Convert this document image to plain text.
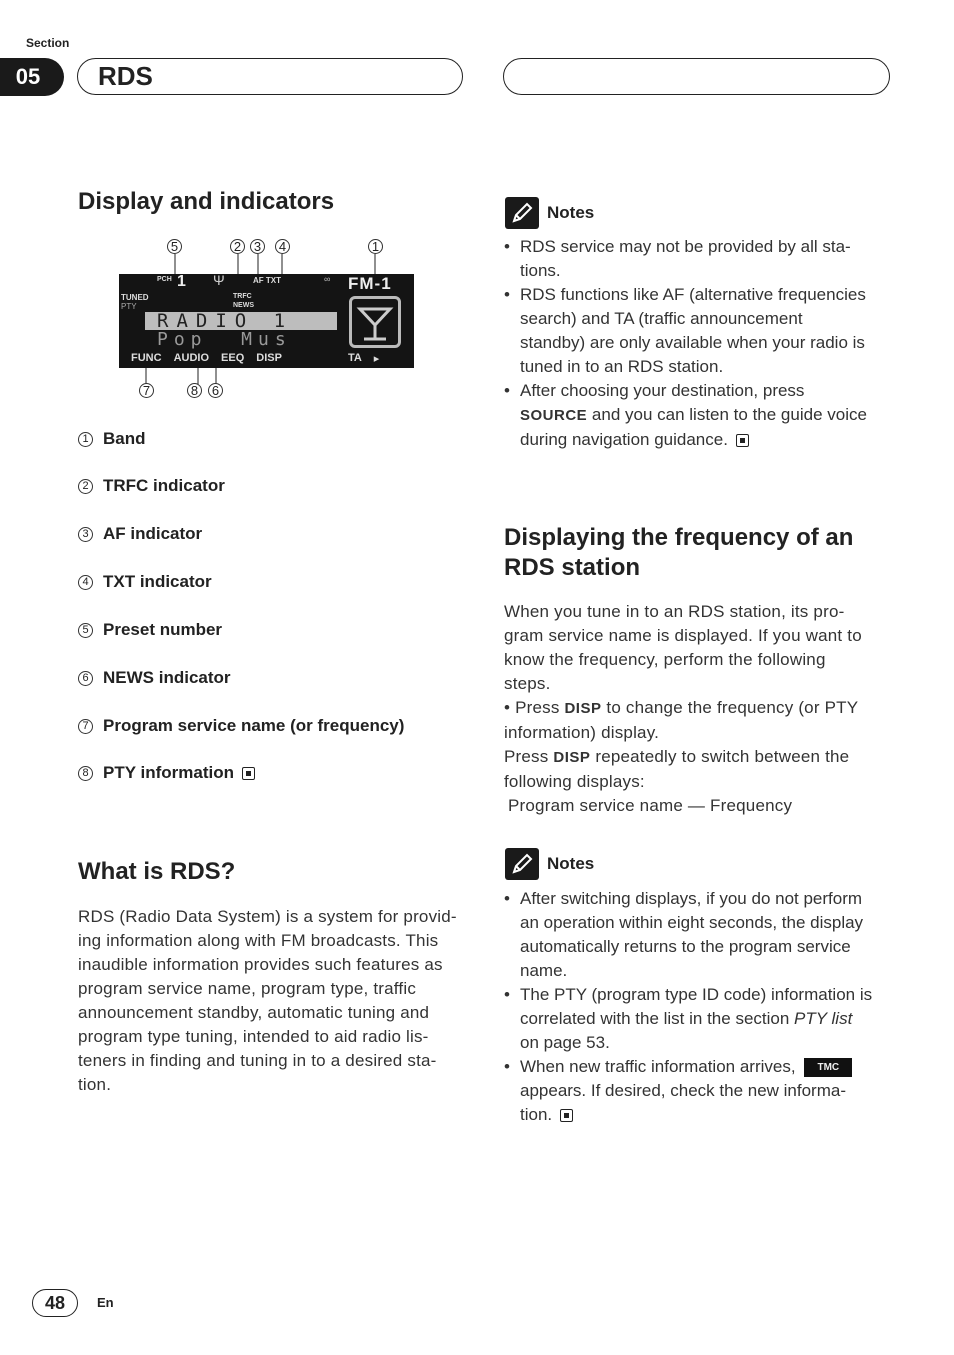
Section
05	RDS
Display and indicators
5	2 3 4	1
PCH 1 Ψ	AF TXT	∞ FM-1
TUNED
PTY
TRFC
NEWS
RADIO 1
Pop  Mus
FUNC AUDIO EEQ DISP	TA ▸
7	8 6
1 Band
2 TRFC indicator
3 AF indicator
4 TXT indicator
5 Preset number
6 NEWS indicator
7 Program service name (or frequency)
8 PTY information
What is RDS?
RDS (Radio Data System) is a system for provid-
ing information along with FM broadcasts. This
inaudible information provides such features as
program service name, program type, traffic
announcement standby, automatic tuning and
program type tuning, intended to aid radio lis-
teners in finding and tuning in to a desired sta-
tion.
Notes
• RDS service may not be provided by all sta-
tions.
• RDS functions like AF (alternative frequencies
search) and TA (traffic announcement
standby) are only available when your radio is
tuned in to an RDS station.
• After choosing your destination, press
SOURCE and you can listen to the guide voice
during navigation guidance.
Displaying the frequency of an
RDS station
When you tune in to an RDS station, its pro-
gram service name is displayed. If you want to
know the frequency, perform the following
steps.
• Press DISP to change the frequency (or PTY
information) display.
Press DISP repeatedly to switch between the
following displays:
Program service name — Frequency
Notes
• After switching displays, if you do not perform
an operation within eight seconds, the display
automatically returns to the program service
name.
• The PTY (program type ID code) information is
correlated with the list in the section PTY list
on page 53.
• When new traffic information arrives, TMC
appears. If desired, check the new informa-
tion.
48	En
